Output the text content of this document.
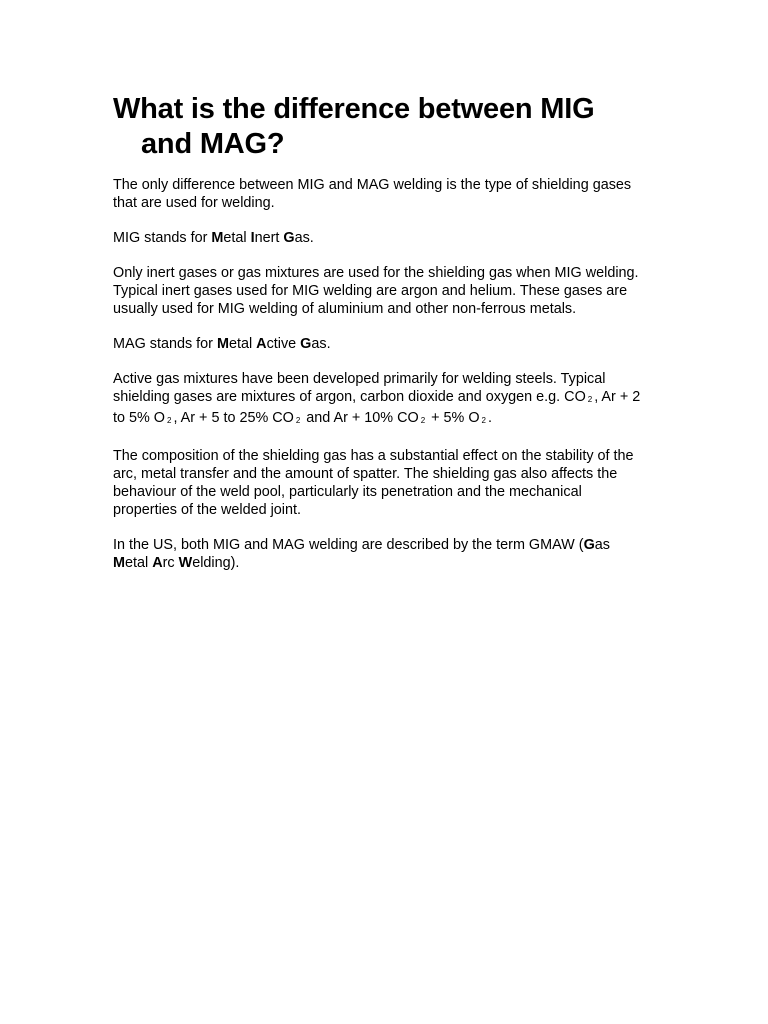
What is the difference between MIG and MAG?

The only difference between MIG and MAG welding is the type of shielding gases that are used for welding.

MIG stands for Metal Inert Gas.

Only inert gases or gas mixtures are used for the shielding gas when MIG welding. Typical inert gases used for MIG welding are argon and helium. These gases are usually used for MIG welding of aluminium and other non-ferrous metals.

MAG stands for Metal Active Gas.

Active gas mixtures have been developed primarily for welding steels. Typical shielding gases are mixtures of argon, carbon dioxide and oxygen e.g. CO 2 , Ar + 2 to 5% O 2 , Ar + 5 to 25% CO 2 and Ar + 10% CO 2 + 5% O 2 .

The composition of the shielding gas has a substantial effect on the stability of the arc, metal transfer and the amount of spatter. The shielding gas also affects the behaviour of the weld pool, particularly its penetration and the mechanical properties of the welded joint.

In the US, both MIG and MAG welding are described by the term GMAW (Gas Metal Arc Welding).
